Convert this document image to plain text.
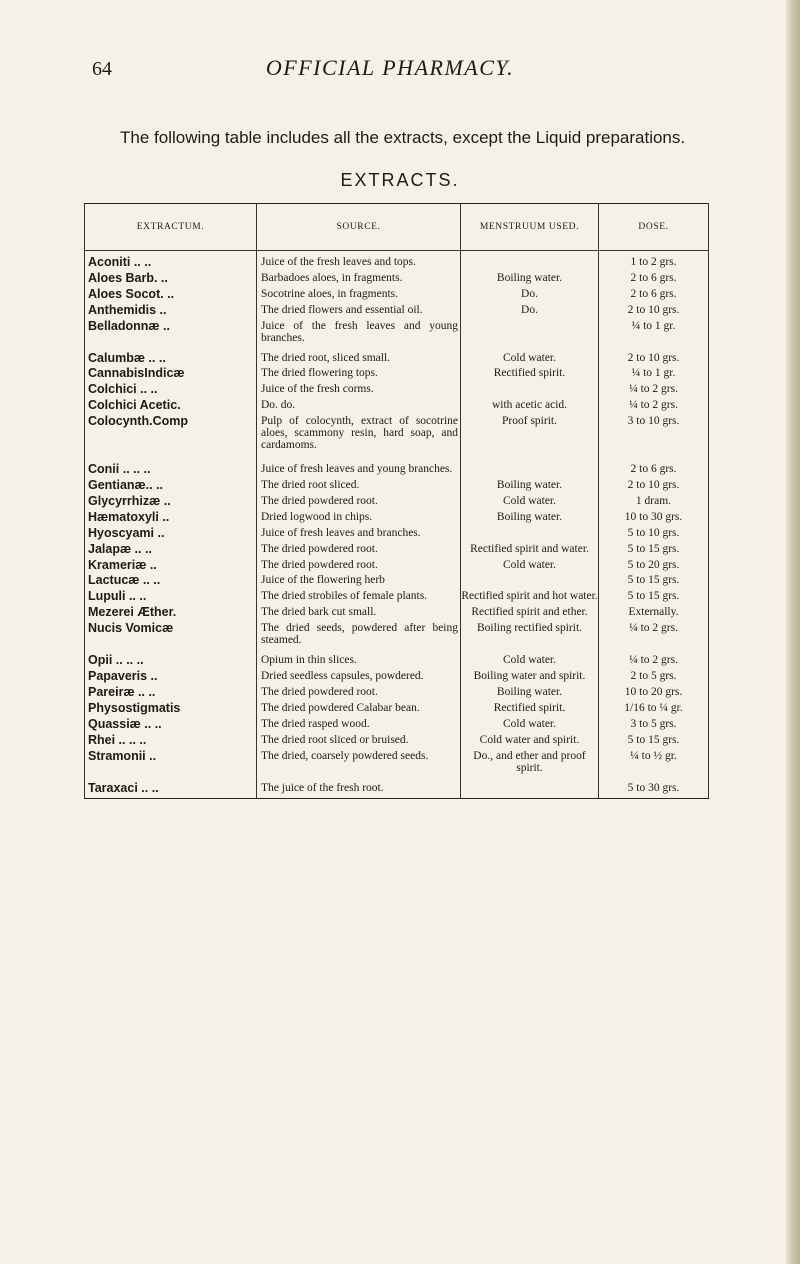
64	OFFICIAL PHARMACY.

The following table includes all the extracts, except the Liquid preparations.

EXTRACTS.
EXTRACTUM.	SOURCE.	MENSTRUUM USED.	DOSE.

Aconiti .. ..	Juice of the fresh leaves and tops.		1 to 2 grs.
Aloes Barb. ..	Barbadoes aloes, in fragments.	Boiling water.	2 to 6 grs.
Aloes Socot. ..	Socotrine aloes, in fragments.	Do.	2 to 6 grs.
Anthemidis ..	The dried flowers and essential oil.	Do.	2 to 10 grs.
Belladonnæ ..	Juice of the fresh leaves and young branches.		¼ to 1 gr.
Calumbæ .. ..	The dried root, sliced small.	Cold water.	2 to 10 grs.
CannabisIndicæ	The dried flowering tops.	Rectified spirit.	¼ to 1 gr.
Colchici .. ..	Juice of the fresh corms.		¼ to 2 grs.
Colchici Acetic.	Do. do.	with acetic acid.	¼ to 2 grs.
Colocynth.Comp	Pulp of colocynth, extract of socotrine aloes, scammony resin, hard soap, and cardamoms.	Proof spirit.	3 to 10 grs.
Conii .. .. ..	Juice of fresh leaves and young branches.		2 to 6 grs.
Gentianæ.. ..	The dried root sliced.	Boiling water.	2 to 10 grs.
Glycyrrhizæ ..	The dried powdered root.	Cold water.	1 dram.
Hæmatoxyli ..	Dried logwood in chips.	Boiling water.	10 to 30 grs.
Hyoscyami ..	Juice of fresh leaves and branches.		5 to 10 grs.
Jalapæ .. ..	The dried powdered root.	Rectified spirit and water.	5 to 15 grs.
Krameriæ ..	The dried powdered root.	Cold water.	5 to 20 grs.
Lactucæ .. ..	Juice of the flowering herb		5 to 15 grs.
Lupuli .. ..	The dried strobiles of female plants.	Rectified spirit and hot water.	5 to 15 grs.
Mezerei Æther.	The dried bark cut small.	Rectified spirit and ether.	Externally.
Nucis Vomicæ	The dried seeds, powdered after being steamed.	Boiling rectified spirit.	¼ to 2 grs.
Opii .. .. ..	Opium in thin slices.	Cold water.	¼ to 2 grs.
Papaveris ..	Dried seedless capsules, powdered.	Boiling water and spirit.	2 to 5 grs.
Pareiræ .. ..	The dried powdered root.	Boiling water.	10 to 20 grs.
Physostigmatis	The dried powdered Calabar bean.	Rectified spirit.	1/16 to ¼ gr.
Quassiæ .. ..	The dried rasped wood.	Cold water.	3 to 5 grs.
Rhei .. .. ..	The dried root sliced or bruised.	Cold water and spirit.	5 to 15 grs.
Stramonii ..	The dried, coarsely powdered seeds.	Do., and ether and proof spirit.	¼ to ½ gr.
Taraxaci .. ..	The juice of the fresh root.		5 to 30 grs.
